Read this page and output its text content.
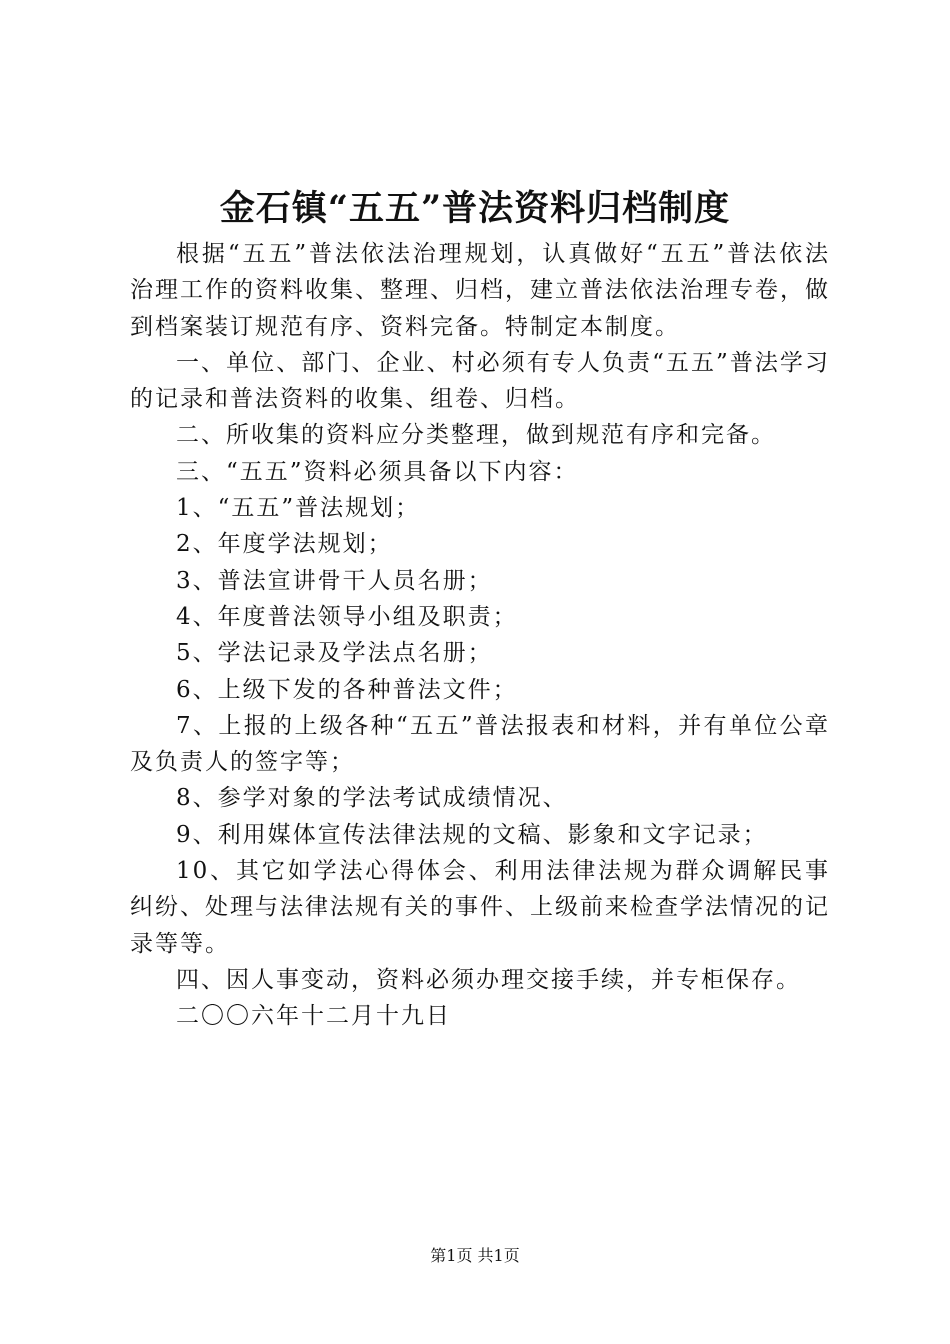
金石镇“五五”普法资料归档制度

根据“五五”普法依法治理规划，认真做好“五五”普法依法治理工作的资料收集、整理、归档，建立普法依法治理专卷，做到档案装订规范有序、资料完备。特制定本制度。

一、单位、部门、企业、村必须有专人负责“五五”普法学习的记录和普法资料的收集、组卷、归档。

二、所收集的资料应分类整理，做到规范有序和完备。

三、“五五”资料必须具备以下内容：

1、“五五”普法规划；

2、年度学法规划；

3、普法宣讲骨干人员名册；

4、年度普法领导小组及职责；

5、学法记录及学法点名册；

6、上级下发的各种普法文件；

7、上报的上级各种“五五”普法报表和材料，并有单位公章及负责人的签字等；

8、参学对象的学法考试成绩情况、

9、利用媒体宣传法律法规的文稿、影象和文字记录；

10、其它如学法心得体会、利用法律法规为群众调解民事纠纷、处理与法律法规有关的事件、上级前来检查学法情况的记录等等。

四、因人事变动，资料必须办理交接手续，并专柜保存。

二〇〇六年十二月十九日

第1页 共1页
